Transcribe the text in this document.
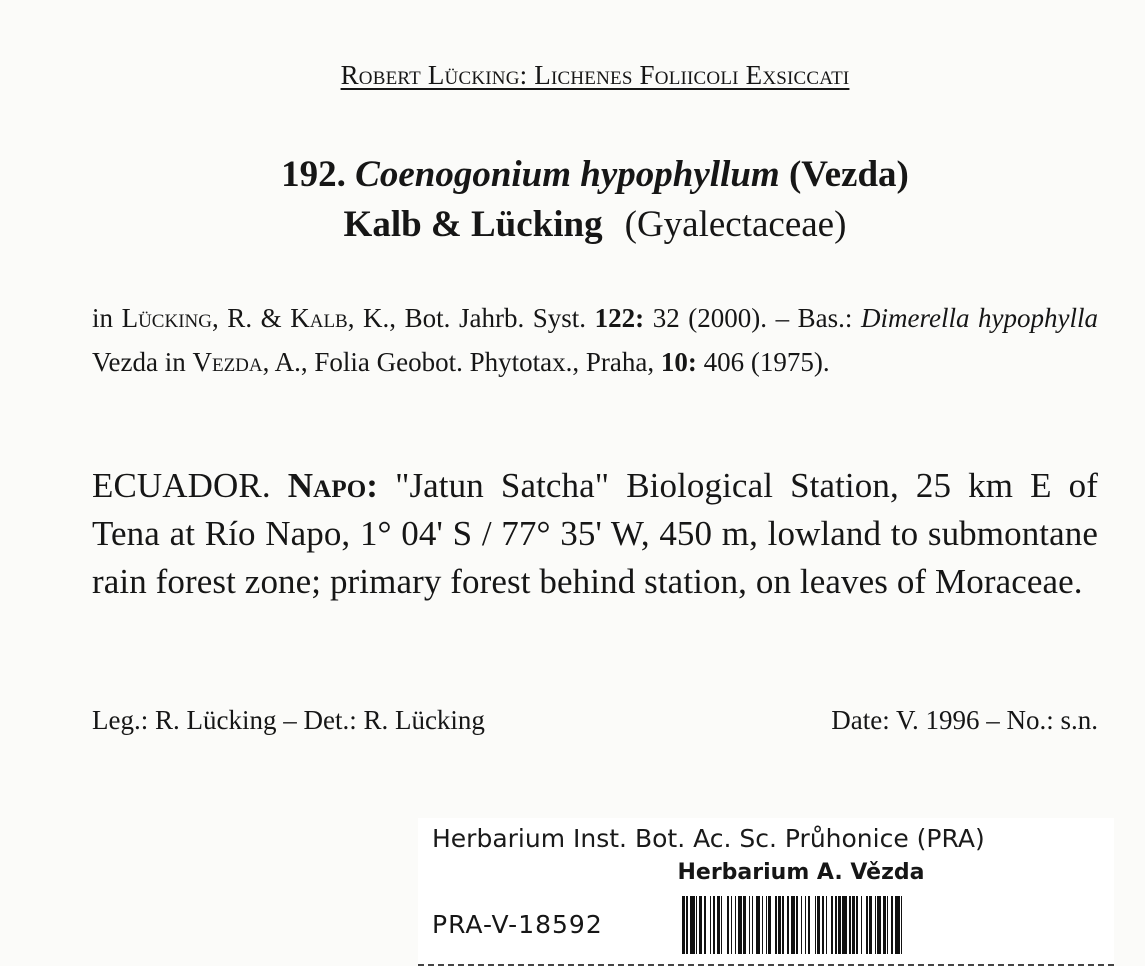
Robert Lücking: Lichenes Foliicoli Exsiccati
192. Coenogonium hypophyllum (Vezda)
Kalb & Lücking (Gyalectaceae)
in Lücking, R. & Kalb, K., Bot. Jahrb. Syst. 122: 32 (2000). – Bas.: Dimerella hypophylla Vezda in Vezda, A., Folia Geobot. Phytotax., Praha, 10: 406 (1975).
ECUADOR. Napo: "Jatun Satcha" Biological Station, 25 km E of Tena at Río Napo, 1° 04' S / 77° 35' W, 450 m, lowland to submontane rain forest zone; primary forest behind station, on leaves of Moraceae.
Leg.: R. Lücking – Det.: R. Lücking	Date: V. 1996 – No.: s.n.
Herbarium Inst. Bot. Ac. Sc. Průhonice (PRA)
Herbarium A. Vězda
PRA-V-18592
